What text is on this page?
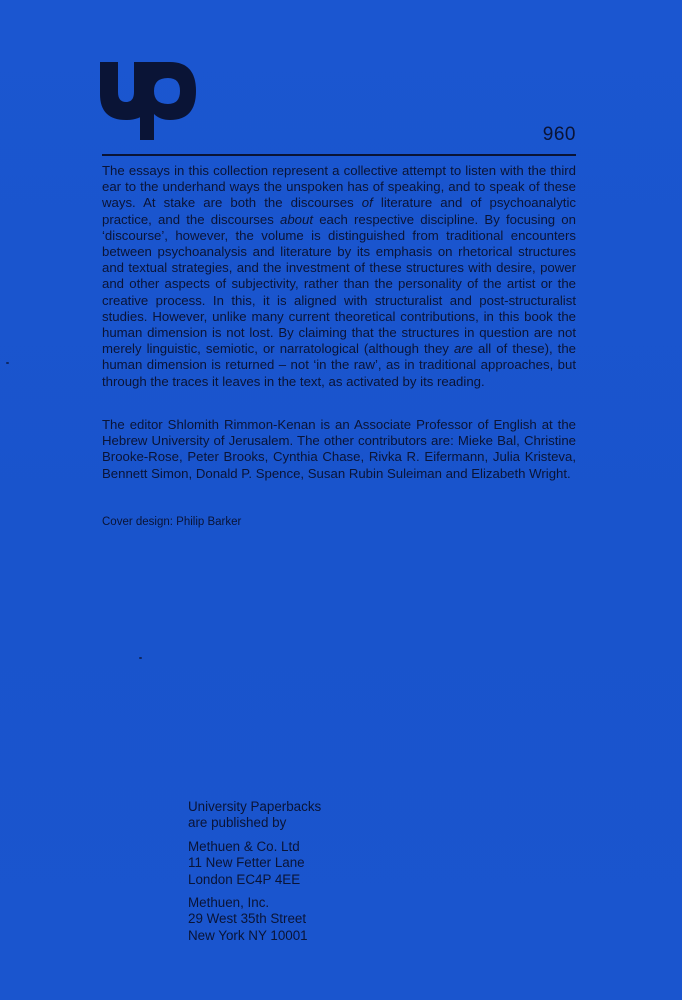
960

The essays in this collection represent a collective attempt to listen with the third ear to the underhand ways the unspoken has of speaking, and to speak of these ways. At stake are both the discourses of literature and of psychoanalytic practice, and the discourses about each respective discipline. By focusing on ‘discourse’, however, the volume is distinguished from traditional encounters between psychoanalysis and literature by its emphasis on rhetorical structures and textual strategies, and the investment of these structures with desire, power and other aspects of subjectivity, rather than the personality of the artist or the creative process. In this, it is aligned with structuralist and post-structuralist studies. However, unlike many current theoretical contributions, in this book the human dimension is not lost. By claiming that the structures in question are not merely linguistic, semiotic, or narratological (although they are all of these), the human dimension is returned – not ‘in the raw’, as in traditional approaches, but through the traces it leaves in the text, as activated by its reading.

The editor Shlomith Rimmon-Kenan is an Associate Professor of English at the Hebrew University of Jerusalem. The other contributors are: Mieke Bal, Christine Brooke-Rose, Peter Brooks, Cynthia Chase, Rivka R. Eifermann, Julia Kristeva, Bennett Simon, Donald P. Spence, Susan Rubin Suleiman and Elizabeth Wright.

Cover design: Philip Barker
University Paperbacks
are published by
Methuen & Co. Ltd
11 New Fetter Lane
London EC4P 4EE
Methuen, Inc.
29 West 35th Street
New York NY 10001
